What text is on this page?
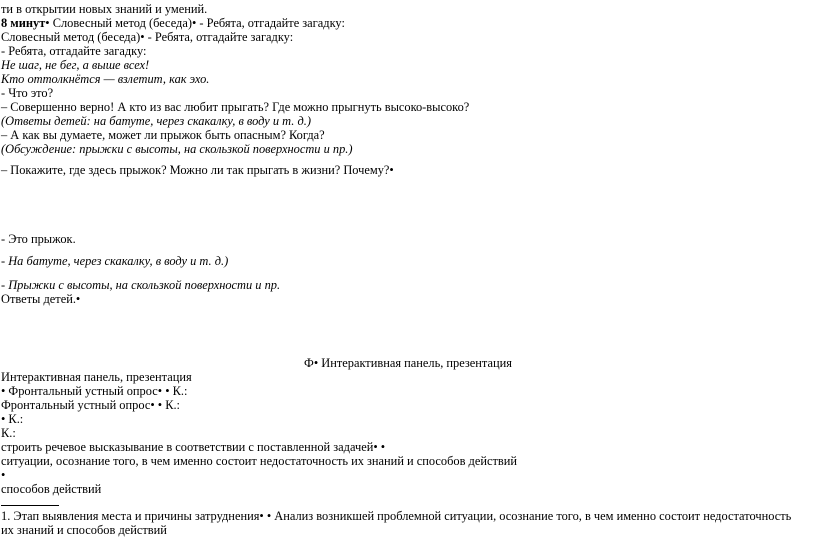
ти в открытии новых знаний и умений.
8 минут• Словесный метод (беседа)• - Ребята, отгадайте загадку:
Словесный метод (беседа)• - Ребята, отгадайте загадку:
- Ребята, отгадайте загадку:
Не шаг, не бег, а выше всех!
Кто оттолкнётся — взлетит, как эхо.
- Что это?
– Совершенно верно! А кто из вас любит прыгать? Где можно прыгнуть высоко-высоко?
(Ответы детей: на батуте, через скакалку, в воду и т. д.)
– А как вы думаете, может ли прыжок быть опасным? Когда?
(Обсуждение: прыжки с высоты, на скользкой поверхности и пр.)
– Покажите, где здесь прыжок? Можно ли так прыгать в жизни? Почему?•
- Это прыжок.
- На батуте, через скакалку, в воду и т. д.)
- Прыжки с высоты, на скользкой поверхности и пр.
Ответы детей.•
Ф• Интерактивная панель, презентация
Интерактивная панель, презентация
• Фронтальный устный опрос• • К.:
Фронтальный устный опрос• • К.:
• К.:
К.:
строить речевое высказывание в соответствии с поставленной задачей• •
ситуации, осознание того, в чем именно состоит недостаточность их знаний и способов действий
•
способов действий
1. Этап выявления места и причины затруднения• • Анализ возникшей проблемной ситуации, осознание того, в чем именно состоит недостаточность их знаний и способов действий
